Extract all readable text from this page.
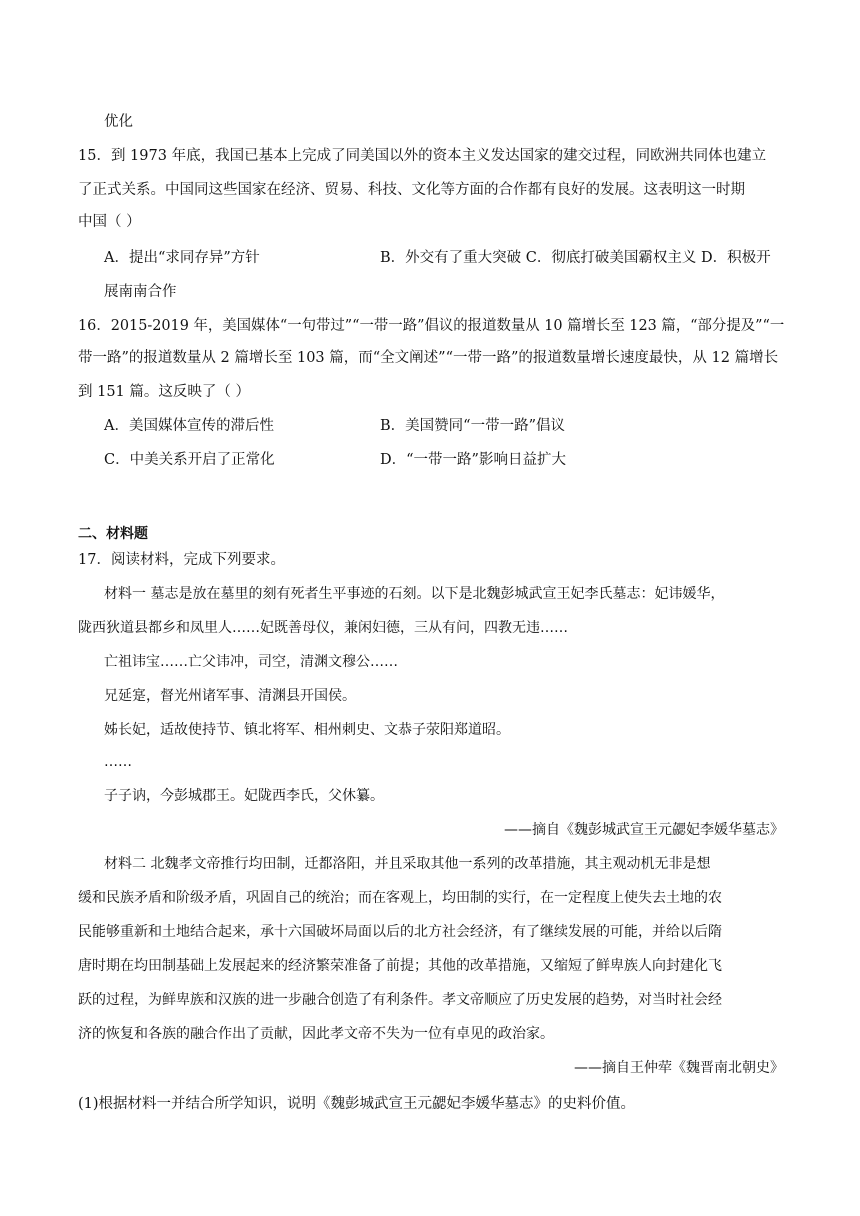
优化
15．到 1973 年底，我国已基本上完成了同美国以外的资本主义发达国家的建交过程，同欧洲共同体也建立
了正式关系。中国同这些国家在经济、贸易、科技、文化等方面的合作都有良好的发展。这表明这一时期
中国（ ）
A．提出“求同存异”方针	B．外交有了重大突破 C．彻底打破美国霸权主义 D．积极开
展南南合作
16．2015-2019 年，美国媒体“一句带过”“一带一路”倡议的报道数量从 10 篇增长至 123 篇，“部分提及”“一
带一路”的报道数量从 2 篇增长至 103 篇，而“全文阐述”“一带一路”的报道数量增长速度最快，从 12 篇增长
到 151 篇。这反映了（ ）
A．美国媒体宣传的滞后性	B．美国赞同“一带一路”倡议
C．中美关系开启了正常化	D．“一带一路”影响日益扩大
二、材料题
17．阅读材料，完成下列要求。
材料一 墓志是放在墓里的刻有死者生平事迹的石刻。以下是北魏彭城武宣王妃李氏墓志：妃讳媛华，
陇西狄道县都乡和凤里人……妃既善母仪，兼闲妇德，三从有问，四教无违……
亡祖讳宝……亡父讳冲，司空，清渊文穆公……
兄延寔，督光州诸军事、清渊县开国侯。
姊长妃，适故使持节、镇北将军、相州刺史、文恭子荥阳郑道昭。
……
子子讷，今彭城郡王。妃陇西李氏，父休纂。
——摘自《魏彭城武宣王元勰妃李媛华墓志》
材料二 北魏孝文帝推行均田制，迁都洛阳，并且采取其他一系列的改革措施，其主观动机无非是想
缓和民族矛盾和阶级矛盾，巩固自己的统治；而在客观上，均田制的实行，在一定程度上使失去土地的农
民能够重新和土地结合起来，承十六国破坏局面以后的北方社会经济，有了继续发展的可能，并给以后隋
唐时期在均田制基础上发展起来的经济繁荣准备了前提；其他的改革措施，又缩短了鲜卑族人向封建化飞
跃的过程，为鲜卑族和汉族的进一步融合创造了有利条件。孝文帝顺应了历史发展的趋势，对当时社会经
济的恢复和各族的融合作出了贡献，因此孝文帝不失为一位有卓见的政治家。
——摘自王仲荦《魏晋南北朝史》
(1)根据材料一并结合所学知识，说明《魏彭城武宣王元勰妃李媛华墓志》的史料价值。
